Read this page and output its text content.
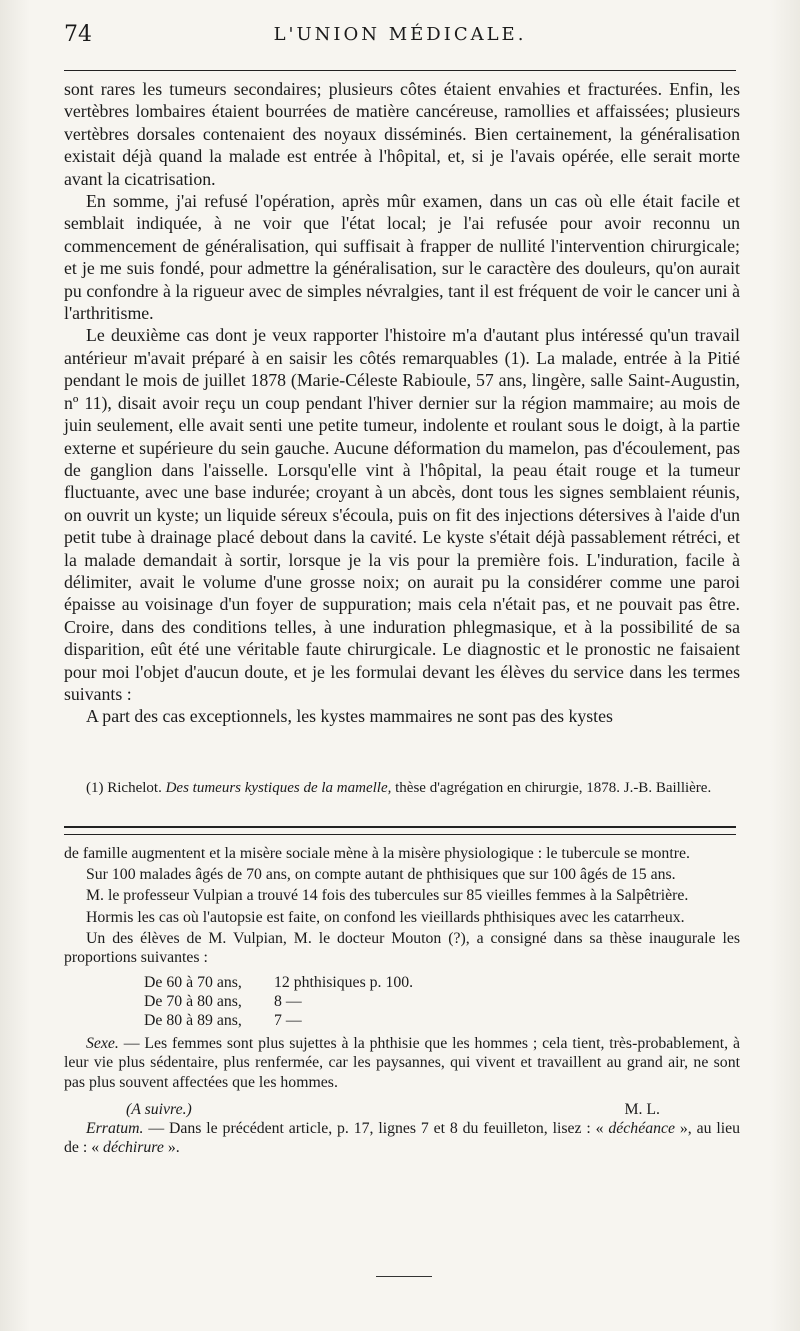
74	L'UNION MÉDICALE.

sont rares les tumeurs secondaires; plusieurs côtes étaient envahies et fracturées. Enfin, les vertèbres lombaires étaient bourrées de matière cancéreuse, ramollies et affaissées; plusieurs vertèbres dorsales contenaient des noyaux disséminés. Bien certainement, la généralisation existait déjà quand la malade est entrée à l'hôpital, et, si je l'avais opérée, elle serait morte avant la cicatrisation.

En somme, j'ai refusé l'opération, après mûr examen, dans un cas où elle était facile et semblait indiquée, à ne voir que l'état local; je l'ai refusée pour avoir reconnu un commencement de généralisation, qui suffisait à frapper de nullité l'intervention chirurgicale; et je me suis fondé, pour admettre la généralisation, sur le caractère des douleurs, qu'on aurait pu confondre à la rigueur avec de simples névralgies, tant il est fréquent de voir le cancer uni à l'arthritisme.

Le deuxième cas dont je veux rapporter l'histoire m'a d'autant plus intéressé qu'un travail antérieur m'avait préparé à en saisir les côtés remarquables (1). La malade, entrée à la Pitié pendant le mois de juillet 1878 (Marie-Céleste Rabioule, 57 ans, lingère, salle Saint-Augustin, nº 11), disait avoir reçu un coup pendant l'hiver dernier sur la région mammaire; au mois de juin seulement, elle avait senti une petite tumeur, indolente et roulant sous le doigt, à la partie externe et supérieure du sein gauche. Aucune déformation du mamelon, pas d'écoulement, pas de ganglion dans l'aisselle. Lorsqu'elle vint à l'hôpital, la peau était rouge et la tumeur fluctuante, avec une base indurée; croyant à un abcès, dont tous les signes semblaient réunis, on ouvrit un kyste; un liquide séreux s'écoula, puis on fit des injections détersives à l'aide d'un petit tube à drainage placé debout dans la cavité. Le kyste s'était déjà passablement rétréci, et la malade demandait à sortir, lorsque je la vis pour la première fois. L'induration, facile à délimiter, avait le volume d'une grosse noix; on aurait pu la considérer comme une paroi épaisse au voisinage d'un foyer de suppuration; mais cela n'était pas, et ne pouvait pas être. Croire, dans des conditions telles, à une induration phlegmasique, et à la possibilité de sa disparition, eût été une véritable faute chirurgicale. Le diagnostic et le pronostic ne faisaient pour moi l'objet d'aucun doute, et je les formulai devant les élèves du service dans les termes suivants :

A part des cas exceptionnels, les kystes mammaires ne sont pas des kystes

(1) Richelot. Des tumeurs kystiques de la mamelle, thèse d'agrégation en chirurgie, 1878. J.-B. Baillière.

de famille augmentent et la misère sociale mène à la misère physiologique : le tubercule se montre.

Sur 100 malades âgés de 70 ans, on compte autant de phthisiques que sur 100 âgés de 15 ans.

M. le professeur Vulpian a trouvé 14 fois des tubercules sur 85 vieilles femmes à la Salpêtrière.

Hormis les cas où l'autopsie est faite, on confond les vieillards phthisiques avec les catarrheux.

Un des élèves de M. Vulpian, M. le docteur Mouton (?), a consigné dans sa thèse inaugurale les proportions suivantes :

De 60 à 70 ans,	12 phthisiques p. 100.
De 70 à 80 ans,	8 —
De 80 à 89 ans,	7 —

Sexe. — Les femmes sont plus sujettes à la phthisie que les hommes ; cela tient, très-probablement, à leur vie plus sédentaire, plus renfermée, car les paysannes, qui vivent et travaillent au grand air, ne sont pas plus souvent affectées que les hommes.

(A suivre.)	M. L.

Erratum. — Dans le précédent article, p. 17, lignes 7 et 8 du feuilleton, lisez : « déchéance », au lieu de : « déchirure ».
